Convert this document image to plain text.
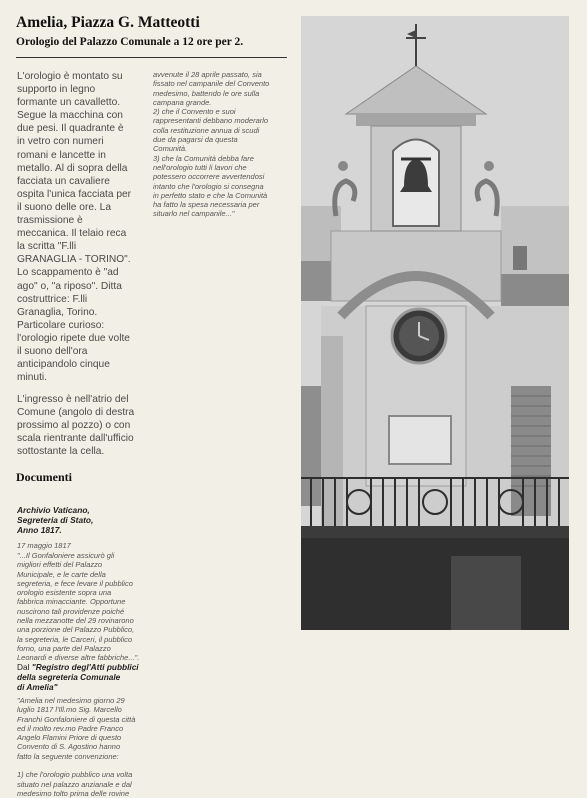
Amelia, Piazza G. Matteotti
Orologio del Palazzo Comunale a 12 ore per 2.

L'orologio è montato su
supporto in legno
formante un cavalletto.
Segue la macchina con
due pesi. Il quadrante è
in vetro con numeri
romani e lancette in
metallo. Al di sopra della
facciata un cavaliere
ospita l'unica facciata per
il suono delle ore. La
trasmissione è
meccanica. Il telaio reca
la scritta "F.lli
GRANAGLIA - TORINO".
Lo scappamento è "ad
ago" o, "a riposo". Ditta
costruttrice: F.lli
Granaglia, Torino.
Particolare curioso:
l'orologio ripete due volte
il suono dell'ora
anticipandolo cinque
minuti.

L'ingresso è nell'atrio del
Comune (angolo di destra
prossimo al pozzo) o con
scala rientrante dall'ufficio
sottostante la cella.

Documenti

Archivio Vaticano,
Segreteria di Stato,
Anno 1817.

17 maggio 1817

"...Il Gonfaloniere assicurò gli
migliori effetti del Palazzo
Municipale, e le carte della
segreteria, e fece levare il pubblico
orologio esistente sopra una
fabbrica minacciante. Opportune
nuscirono tali providenze poiché
nella mezzanotte del 29 rovinarono
una porzione del Palazzo Pubblico,
la segreteria, le Carceri, il pubblico
forno, una parte del Palazzo
Leonardi e diverse altre fabbriche...".

Dal "Registro degl'Atti pubblici
della segreteria Comunale
di Amelia"

"Amelia nel medesimo giorno 29
luglio 1817 l'Ill.mo Sig. Marcello
Franchi Gonfaloniere di questa città
ed il molto rev.mo Padre Franco
Angelo Flamini Priore di questo
Convento di S. Agostino hanno
fatto la seguente convenzione:

1) che l'orologio pubblico una volta
situato nel palazzo anzianale e dal
medesimo tolto prima delle rovine

avvenute il 28 aprile passato, sia
fissato nel campanile del Convento
medesimo, battendo le ore sulla
campana grande.
2) che il Convento e suoi
rappresentanti debbano moderarlo
colla restituzione annua di scudi
due da pagarsi da questa
Comunità.
3) che la Comunità debba fare
nell'orologio tutti li lavori che
potessero occorrere avvertendosi
intanto che l'orologio si consegna
in perfetto stato e che la Comunità
ha fatto la spesa necessaria per
situarlo nel campanile..."
